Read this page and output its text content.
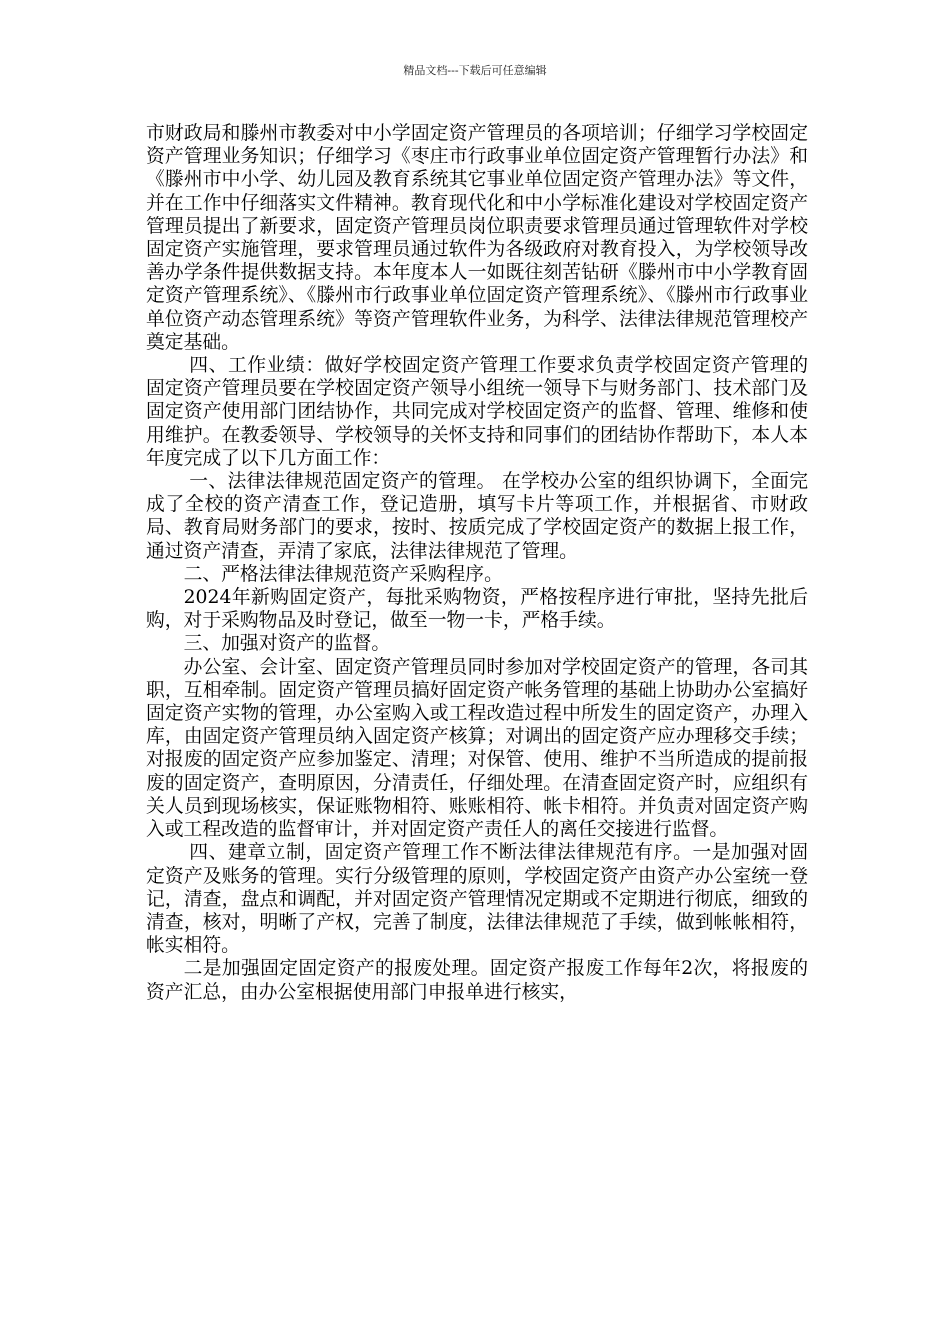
精品文档---下载后可任意编辑

市财政局和滕州市教委对中小学固定资产管理员的各项培训；仔细学习学校固定资产管理业务知识；仔细学习《枣庄市行政事业单位固定资产管理暂行办法》和《滕州市中小学、幼儿园及教育系统其它事业单位固定资产管理办法》等文件，并在工作中仔细落实文件精神。教育现代化和中小学标准化建设对学校固定资产管理员提出了新要求，固定资产管理员岗位职责要求管理员通过管理软件对学校固定资产实施管理，要求管理员通过软件为各级政府对教育投入，为学校领导改善办学条件提供数据支持。本年度本人一如既往刻苦钻研《滕州市中小学教育固定资产管理系统》、《滕州市行政事业单位固定资产管理系统》、《滕州市行政事业单位资产动态管理系统》等资产管理软件业务，为科学、法律法律规范管理校产奠定基础。

四、工作业绩：做好学校固定资产管理工作要求负责学校固定资产管理的固定资产管理员要在学校固定资产领导小组统一领导下与财务部门、技术部门及固定资产使用部门团结协作，共同完成对学校固定资产的监督、管理、维修和使用维护。在教委领导、学校领导的关怀支持和同事们的团结协作帮助下，本人本年度完成了以下几方面工作：

一、法律法律规范固定资产的管理。 在学校办公室的组织协调下，全面完成了全校的资产清查工作，登记造册，填写卡片等项工作，并根据省、市财政局、教育局财务部门的要求，按时、按质完成了学校固定资产的数据上报工作，通过资产清查，弄清了家底，法律法律规范了管理。

二、严格法律法律规范资产采购程序。

2024年新购固定资产，每批采购物资，严格按程序进行审批，坚持先批后购，对于采购物品及时登记，做至一物一卡，严格手续。

三、加强对资产的监督。

办公室、会计室、固定资产管理员同时参加对学校固定资产的管理，各司其职，互相牵制。固定资产管理员搞好固定资产帐务管理的基础上协助办公室搞好固定资产实物的管理，办公室购入或工程改造过程中所发生的固定资产，办理入库，由固定资产管理员纳入固定资产核算；对调出的固定资产应办理移交手续；对报废的固定资产应参加鉴定、清理；对保管、使用、维护不当所造成的提前报废的固定资产，查明原因，分清责任，仔细处理。在清查固定资产时，应组织有关人员到现场核实，保证账物相符、账账相符、帐卡相符。并负责对固定资产购入或工程改造的监督审计，并对固定资产责任人的离任交接进行监督。

四、建章立制，固定资产管理工作不断法律法律规范有序。一是加强对固定资产及账务的管理。实行分级管理的原则，学校固定资产由资产办公室统一登记，清查，盘点和调配，并对固定资产管理情况定期或不定期进行彻底，细致的清查，核对，明晰了产权，完善了制度，法律法律规范了手续，做到帐帐相符，帐实相符。

二是加强固定固定资产的报废处理。固定资产报废工作每年2次，将报废的资产汇总，由办公室根据使用部门申报单进行核实，
